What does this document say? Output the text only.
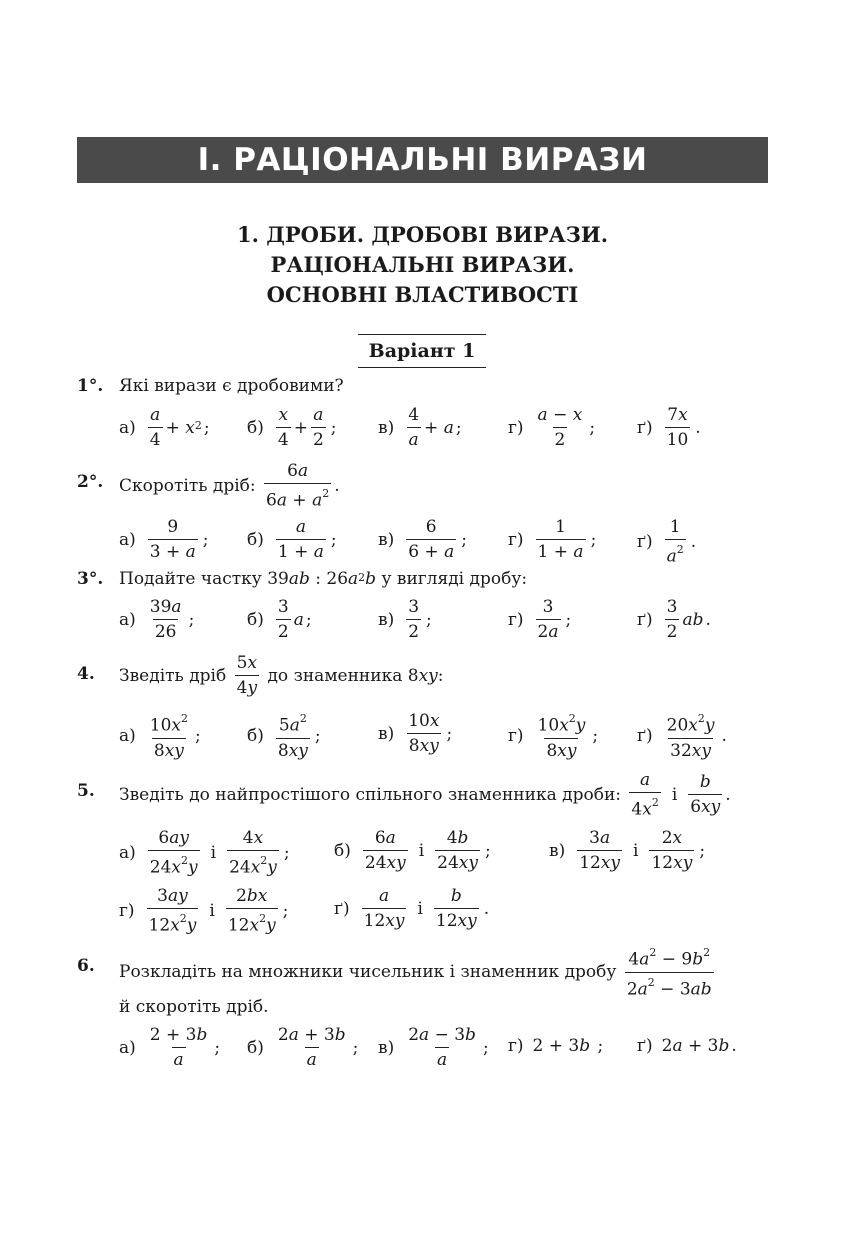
I. РАЦІОНАЛЬНІ ВИРАЗИ
1. ДРОБИ. ДРОБОВІ ВИРАЗИ.
РАЦІОНАЛЬНІ ВИРАЗИ.
ОСНОВНІ ВЛАСТИВОСТІ
Варіант 1
1°. Які вирази є дробовими?
а)
a
4
+ $x^2$ ; б)
x
4
+
a
2
; в)
4
a
+ a ;	г)
a − x
2
; ґ)
7x
10
.
2°. Скоротіть дріб:

6a
$6a + a^2$ .
а)
9
3 + a
; б)
a
1 + a
; в)
6
6 + a
; г)
1
1 + a
; ґ)
1
$a^2$ .
3°. Подайте частку 39 ab : 26 $a^2$ b
у вигляді дробу:
а)
39a
26
;	б)
3
2
a ;	в)
3
2
;	г)
3
2a
;	ґ)
3
2
ab .
4. Зведіть дріб

5x
4y

до знаменника 8 xy :
а)
$10x^2$
8xy
;	б)
$5a^2$
8xy
;	в)
10x
8xy
;	г)
$10x^2y$
8xy
; ґ)
$20x^2y$
32xy
.
5. Зведіть до найпростішого спільного знаменника дроби:

a
$4x^2$ і
b
6xy
.
а)
6ay
$24x^2y$
і
4x
$24x^2y$
;	б)
6a
24xy
і
4b
24xy
;	в)
3a
12xy
і
2x
12xy
;
г)
3ay
$12x^2y$
і
2bx
$12x^2y$
;	ґ)
a
12xy
і
b
12xy
.
6. Розкладіть на множники чисельник і знаменник дробу

$4a^2 - 9b^2$
$2a^2 - 3ab$
й скоротіть дріб.
а)
2 + 3b
a
; б)
2a + 3b
a
; в)
2a − 3b
a
; г) 2 + 3 b
; ґ) 2 a + 3 b .
